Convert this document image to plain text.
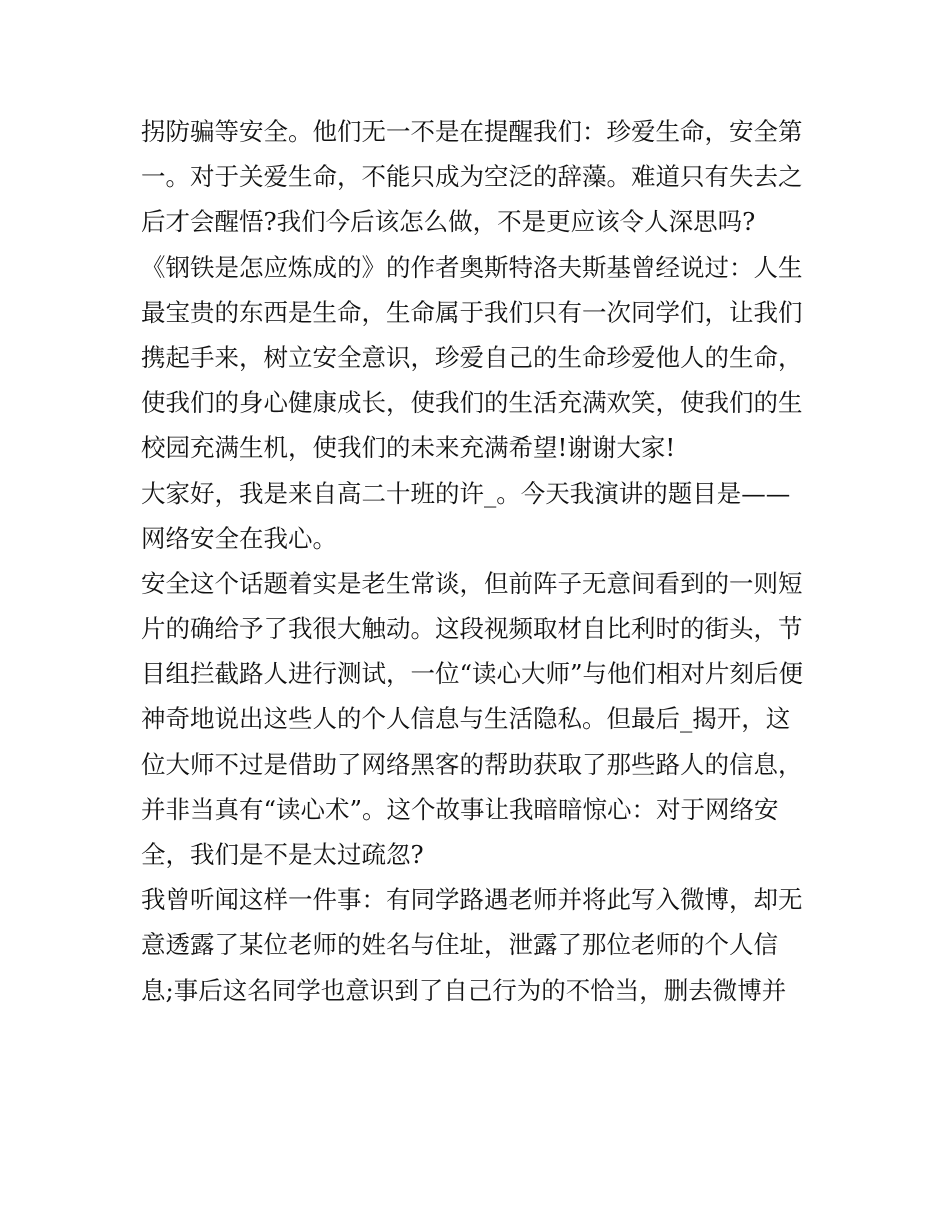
拐防骗等安全。他们无一不是在提醒我们：珍爱生命，安全第
一。对于关爱生命，不能只成为空泛的辞藻。难道只有失去之
后才会醒悟?我们今后该怎么做，不是更应该令人深思吗?
《钢铁是怎应炼成的》的作者奥斯特洛夫斯基曾经说过：人生
最宝贵的东西是生命，生命属于我们只有一次同学们，让我们
携起手来，树立安全意识，珍爱自己的生命珍爱他人的生命，
使我们的身心健康成长，使我们的生活充满欢笑，使我们的生
校园充满生机，使我们的未来充满希望!谢谢大家!
大家好，我是来自高二十班的许_。今天我演讲的题目是——
网络安全在我心。
安全这个话题着实是老生常谈，但前阵子无意间看到的一则短
片的确给予了我很大触动。这段视频取材自比利时的街头，节
目组拦截路人进行测试，一位“读心大师”与他们相对片刻后便
神奇地说出这些人的个人信息与生活隐私。但最后_揭开，这
位大师不过是借助了网络黑客的帮助获取了那些路人的信息，
并非当真有“读心术”。这个故事让我暗暗惊心：对于网络安
全，我们是不是太过疏忽?
我曾听闻这样一件事：有同学路遇老师并将此写入微博，却无
意透露了某位老师的姓名与住址，泄露了那位老师的个人信
息;事后这名同学也意识到了自己行为的不恰当，删去微博并
